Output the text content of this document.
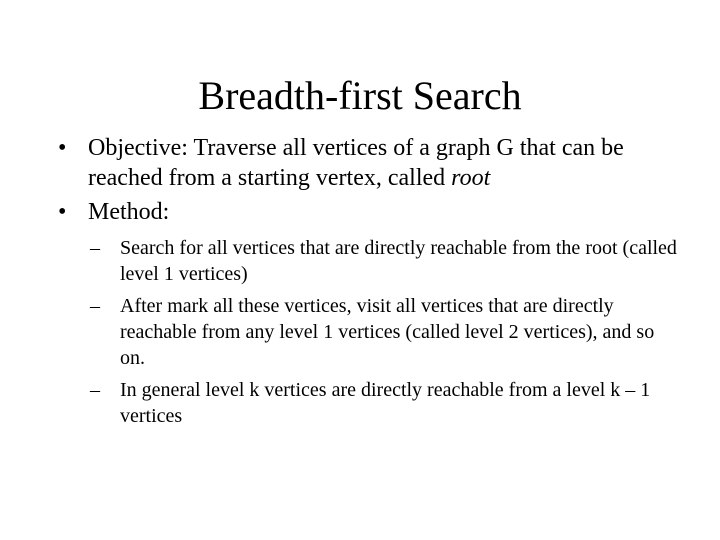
Breadth-first Search
• Objective: Traverse all vertices of a graph G that can be reached from a starting vertex, called root
• Method:
–	Search for all vertices that are directly reachable from the root (called level 1 vertices)
–	After mark all these vertices, visit all vertices that are directly reachable from any level 1 vertices (called level 2 vertices), and so on.
–	In general level k vertices are directly reachable from a level k – 1 vertices
